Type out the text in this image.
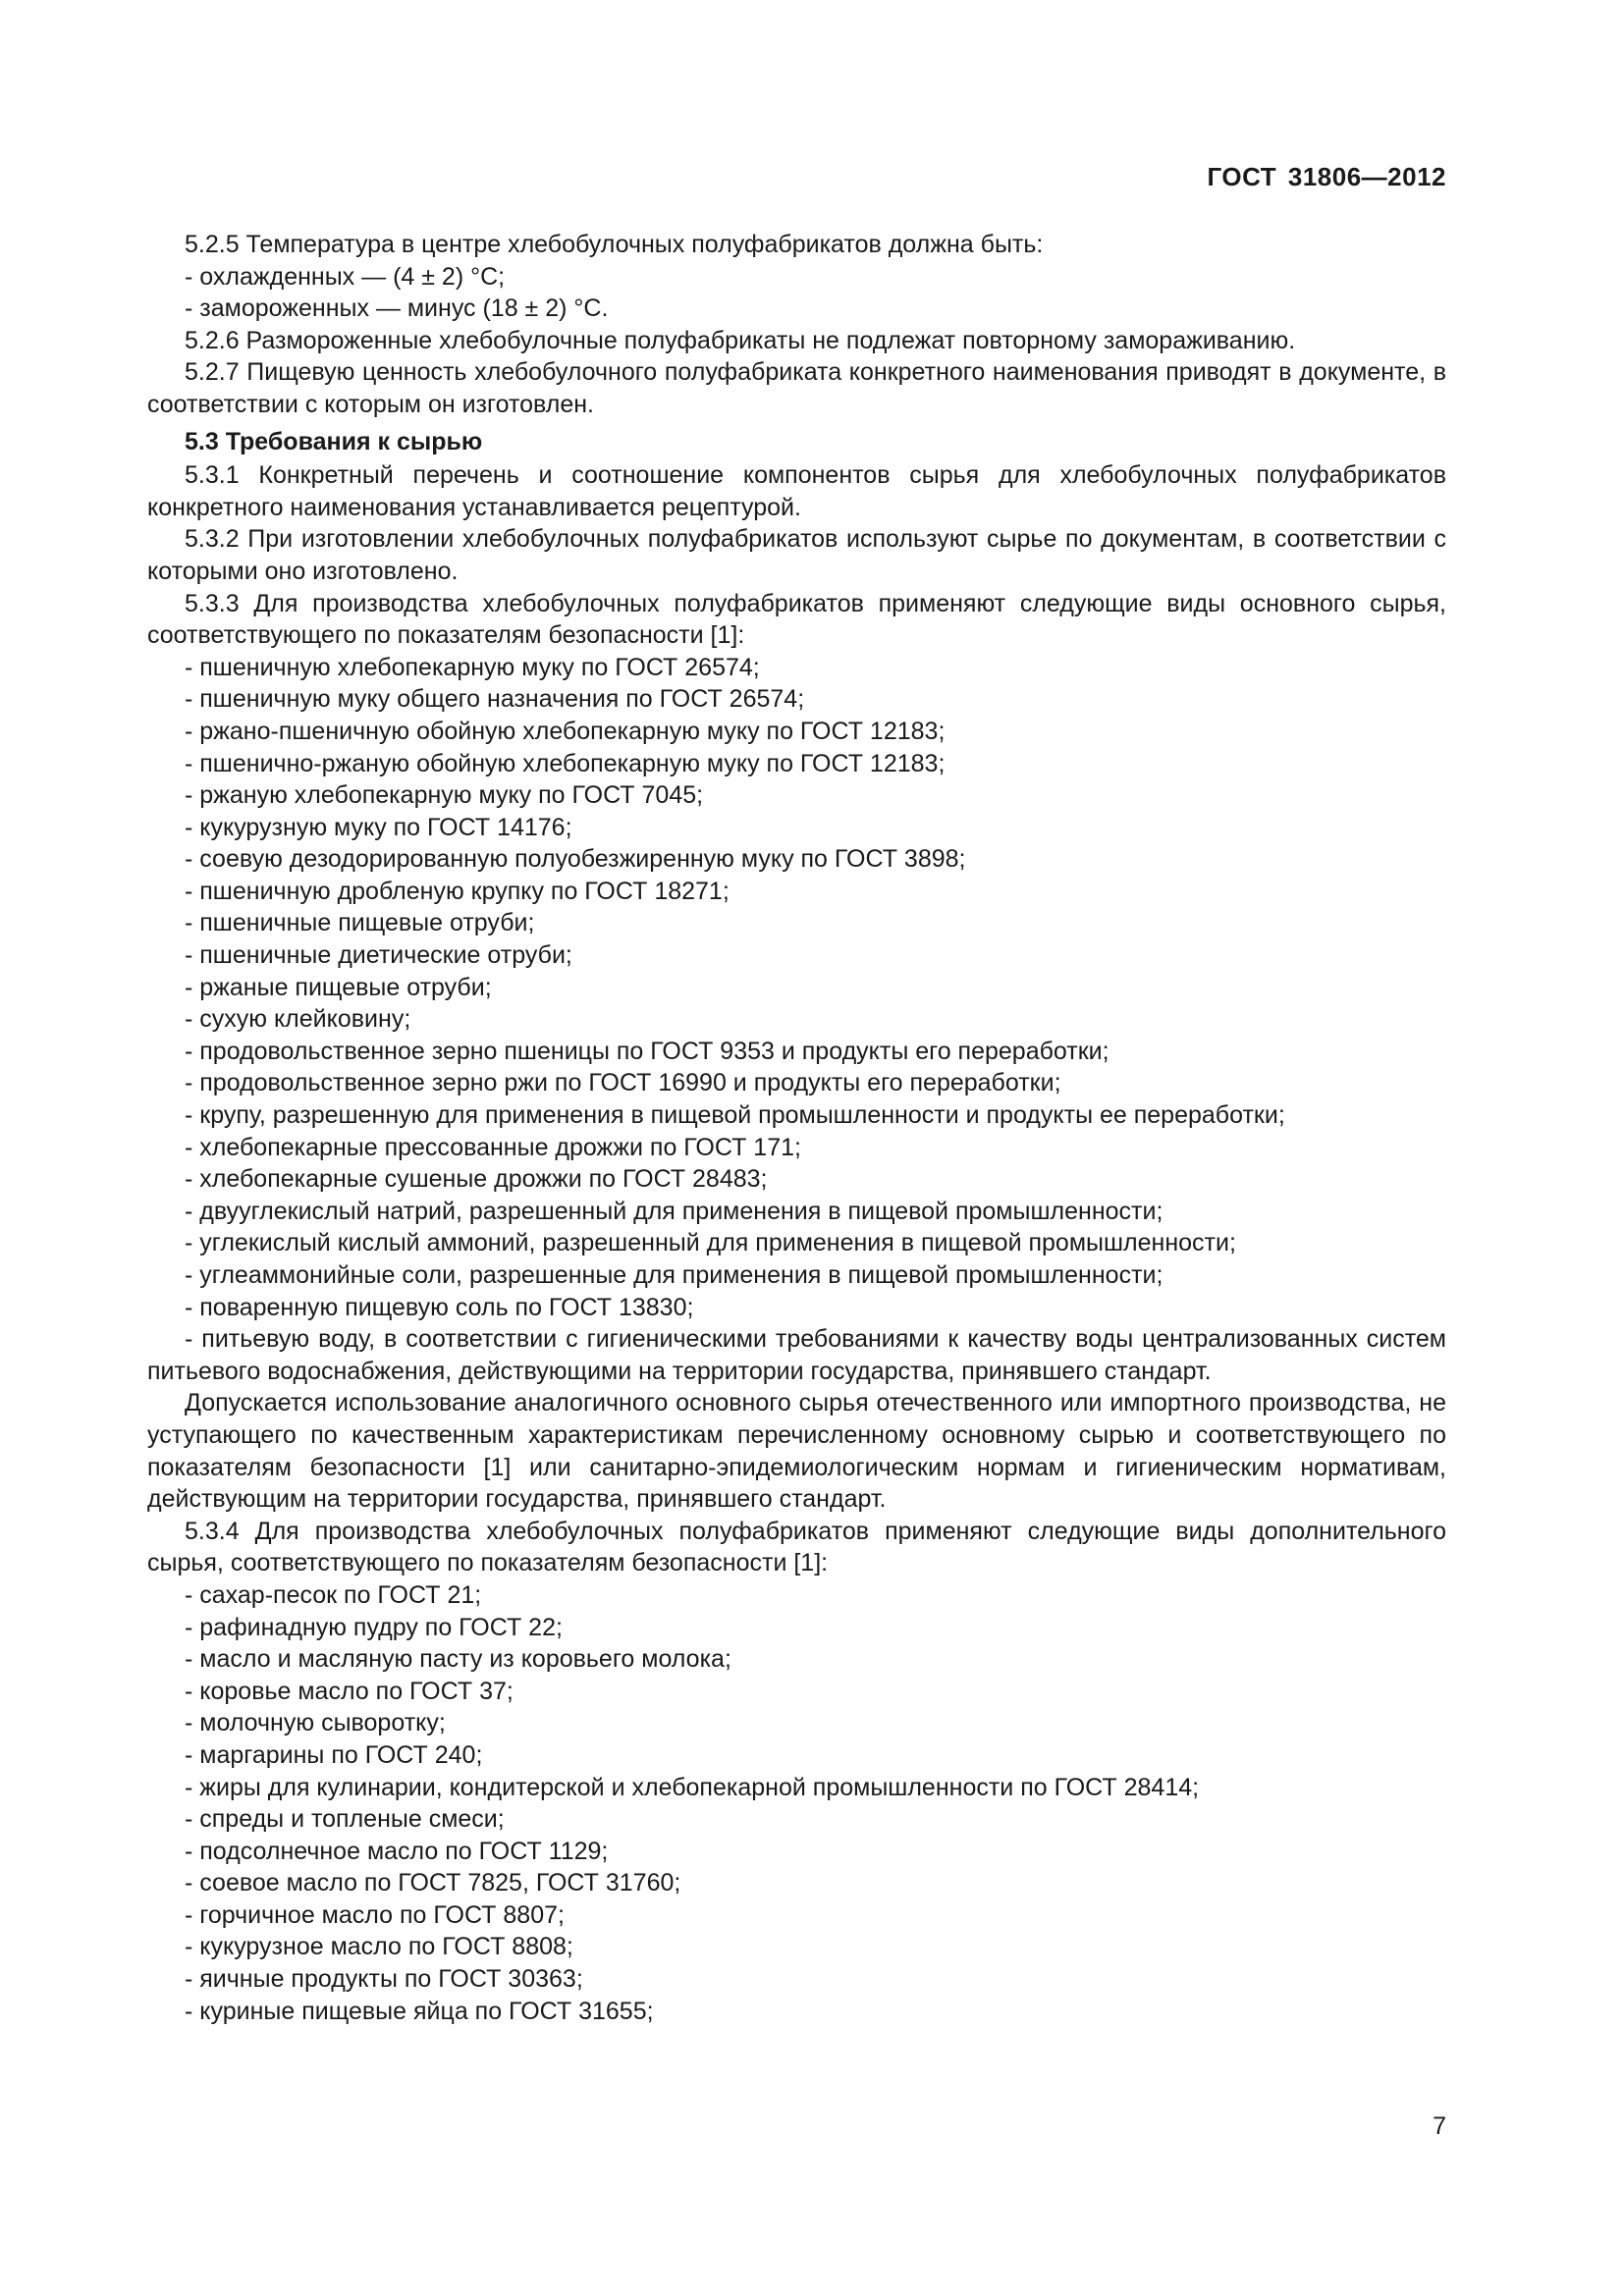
ГОСТ 31806—2012

5.2.5 Температура в центре хлебобулочных полуфабрикатов должна быть:

- охлажденных — (4 ± 2) °С;

- замороженных — минус (18 ± 2) °С.

5.2.6 Размороженные хлебобулочные полуфабрикаты не подлежат повторному замораживанию.

5.2.7 Пищевую ценность хлебобулочного полуфабриката конкретного наименования приводят в документе, в соответствии с которым он изготовлен.

5.3 Требования к сырью

5.3.1 Конкретный перечень и соотношение компонентов сырья для хлебобулочных полуфабрикатов конкретного наименования устанавливается рецептурой.

5.3.2 При изготовлении хлебобулочных полуфабрикатов используют сырье по документам, в соответствии с которыми оно изготовлено.

5.3.3 Для производства хлебобулочных полуфабрикатов применяют следующие виды основного сырья, соответствующего по показателям безопасности [1]:

- пшеничную хлебопекарную муку по ГОСТ 26574;

- пшеничную муку общего назначения по ГОСТ 26574;

- ржано-пшеничную обойную хлебопекарную муку по ГОСТ 12183;

- пшенично-ржаную обойную хлебопекарную муку по ГОСТ 12183;

- ржаную хлебопекарную муку по ГОСТ 7045;

- кукурузную муку по ГОСТ 14176;

- соевую дезодорированную полуобезжиренную муку по ГОСТ 3898;

- пшеничную дробленую крупку по ГОСТ 18271;

- пшеничные пищевые отруби;

- пшеничные диетические отруби;

- ржаные пищевые отруби;

- сухую клейковину;

- продовольственное зерно пшеницы по ГОСТ 9353 и продукты его переработки;

- продовольственное зерно ржи по ГОСТ 16990 и продукты его переработки;

- крупу, разрешенную для применения в пищевой промышленности и продукты ее переработки;

- хлебопекарные прессованные дрожжи по ГОСТ 171;

- хлебопекарные сушеные дрожжи по ГОСТ 28483;

- двууглекислый натрий, разрешенный для применения в пищевой промышленности;

- углекислый кислый аммоний, разрешенный для применения в пищевой промышленности;

- углеаммонийные соли, разрешенные для применения в пищевой промышленности;

- поваренную пищевую соль по ГОСТ 13830;

- питьевую воду, в соответствии с гигиеническими требованиями к качеству воды централизованных систем питьевого водоснабжения, действующими на территории государства, принявшего стандарт.

Допускается использование аналогичного основного сырья отечественного или импортного производства, не уступающего по качественным характеристикам перечисленному основному сырью и соответствующего по показателям безопасности [1] или санитарно-эпидемиологическим нормам и гигиеническим нормативам, действующим на территории государства, принявшего стандарт.

5.3.4 Для производства хлебобулочных полуфабрикатов применяют следующие виды дополнительного сырья, соответствующего по показателям безопасности [1]:

- сахар-песок по ГОСТ 21;

- рафинадную пудру по ГОСТ 22;

- масло и масляную пасту из коровьего молока;

- коровье масло по ГОСТ 37;

- молочную сыворотку;

- маргарины по ГОСТ 240;

- жиры для кулинарии, кондитерской и хлебопекарной промышленности по ГОСТ 28414;

- спреды и топленые смеси;

- подсолнечное масло по ГОСТ 1129;

- соевое масло по ГОСТ 7825, ГОСТ 31760;

- горчичное масло по ГОСТ 8807;

- кукурузное масло по ГОСТ 8808;

- яичные продукты по ГОСТ 30363;

- куриные пищевые яйца по ГОСТ 31655;

7
